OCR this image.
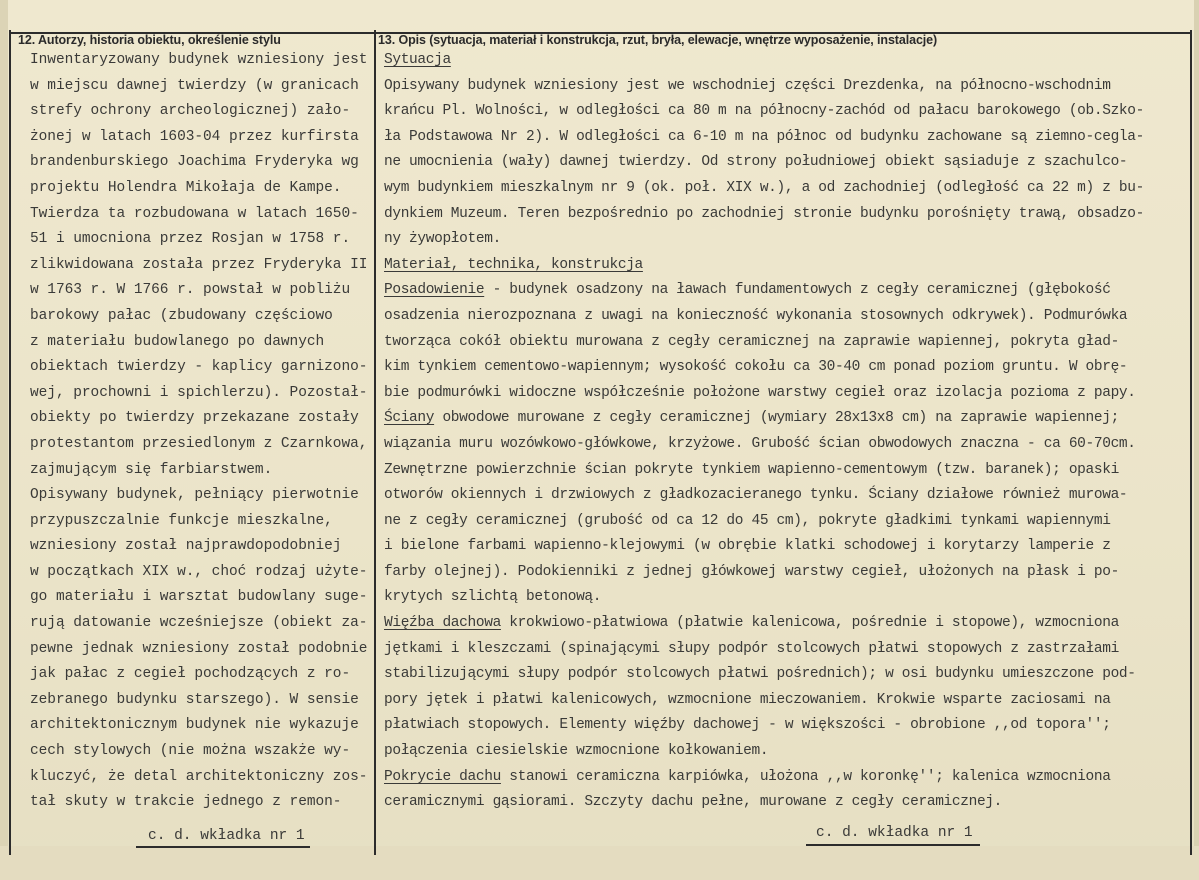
12. Autorzy, historia obiektu, określenie stylu	13. Opis (sytuacja, materiał i konstrukcja, rzut, bryła, elewacje, wnętrze wyposażenie, instalacje)
Inwentaryzowany budynek wzniesiony jest
w miejscu dawnej twierdzy (w granicach
strefy ochrony archeologicznej) zało-
żonej w latach 1603-04 przez kurfirsta
brandenburskiego Joachima Fryderyka wg
projektu Holendra Mikołaja de Kampe.
Twierdza ta rozbudowana w latach 1650-
51 i umocniona przez Rosjan w 1758 r.
zlikwidowana została przez Fryderyka II
w 1763 r. W 1766 r. powstał w pobliżu
barokowy pałac (zbudowany częściowo
z materiału budowlanego po dawnych
obiektach twierdzy - kaplicy garnizono-
wej, prochowni i spichlerzu). Pozostał-
obiekty po twierdzy przekazane zostały
protestantom przesiedlonym z Czarnkowa,
zajmującym się farbiarstwem.
Opisywany budynek, pełniący pierwotnie
przypuszczalnie funkcje mieszkalne,
wzniesiony został najprawdopodobniej
w początkach XIX w., choć rodzaj użyte-
go materiału i warsztat budowlany suge-
rują datowanie wcześniejsze (obiekt za-
pewne jednak wzniesiony został podobnie
jak pałac z cegieł pochodzących z ro-
zebranego budynku starszego). W sensie
architektonicznym budynek nie wykazuje
cech stylowych (nie można wszakże wy-
kluczyć, że detal architektoniczny zos-
tał skuty w trakcie jednego z remon-
Sytuacja
Opisywany budynek wzniesiony jest we wschodniej części Drezdenka, na północno-wschodnim
krańcu Pl. Wolności, w odległości ca 80 m na północny-zachód od pałacu barokowego (ob.Szko-
ła Podstawowa Nr 2). W odległości ca 6-10 m na północ od budynku zachowane są ziemno-cegla-
ne umocnienia (wały) dawnej twierdzy. Od strony południowej obiekt sąsiaduje z szachulco-
wym budynkiem mieszkalnym nr 9 (ok. poł. XIX w.), a od zachodniej (odległość ca 22 m) z bu-
dynkiem Muzeum. Teren bezpośrednio po zachodniej stronie budynku porośnięty trawą, obsadzo-
ny żywopłotem.
Materiał, technika, konstrukcja
Posadowienie - budynek osadzony na ławach fundamentowych z cegły ceramicznej (głębokość
osadzenia nierozpoznana z uwagi na konieczność wykonania stosownych odkrywek). Podmurówka
tworząca cokół obiektu murowana z cegły ceramicznej na zaprawie wapiennej, pokryta gład-
kim tynkiem cementowo-wapiennym; wysokość cokołu ca 30-40 cm ponad poziom gruntu. W obrę-
bie podmurówki widoczne współcześnie położone warstwy cegieł oraz izolacja pozioma z papy.
Ściany obwodowe murowane z cegły ceramicznej (wymiary 28x13x8 cm) na zaprawie wapiennej;
wiązania muru wozówkowo-główkowe, krzyżowe. Grubość ścian obwodowych znaczna - ca 60-70cm.
Zewnętrzne powierzchnie ścian pokryte tynkiem wapienno-cementowym (tzw. baranek); opaski
otworów okiennych i drzwiowych z gładkozacieranego tynku. Ściany działowe również murowa-
ne z cegły ceramicznej (grubość od ca 12 do 45 cm), pokryte gładkimi tynkami wapiennymi
i bielone farbami wapienno-klejowymi (w obrębie klatki schodowej i korytarzy lamperie z
farby olejnej). Podokienniki z jednej główkowej warstwy cegieł, ułożonych na płask i po-
krytych szlichtą betonową.
Więźba dachowa krokwiowo-płatwiowa (płatwie kalenicowa, pośrednie i stopowe), wzmocniona
jętkami i kleszczami (spinającymi słupy podpór stolcowych płatwi stopowych z zastrzałami
stabilizującymi słupy podpór stolcowych płatwi pośrednich); w osi budynku umieszczone pod-
pory jętek i płatwi kalenicowych, wzmocnione mieczowaniem. Krokwie wsparte zaciosami na
płatwiach stopowych. Elementy więźby dachowej - w większości - obrobione ,,od topora'';
połączenia ciesielskie wzmocnione kołkowaniem.
Pokrycie dachu stanowi ceramiczna karpiówka, ułożona ,,w koronkę''; kalenica wzmocniona
ceramicznymi gąsiorami. Szczyty dachu pełne, murowane z cegły ceramicznej.
c. d. wkładka nr 1	c. d. wkładka nr 1
